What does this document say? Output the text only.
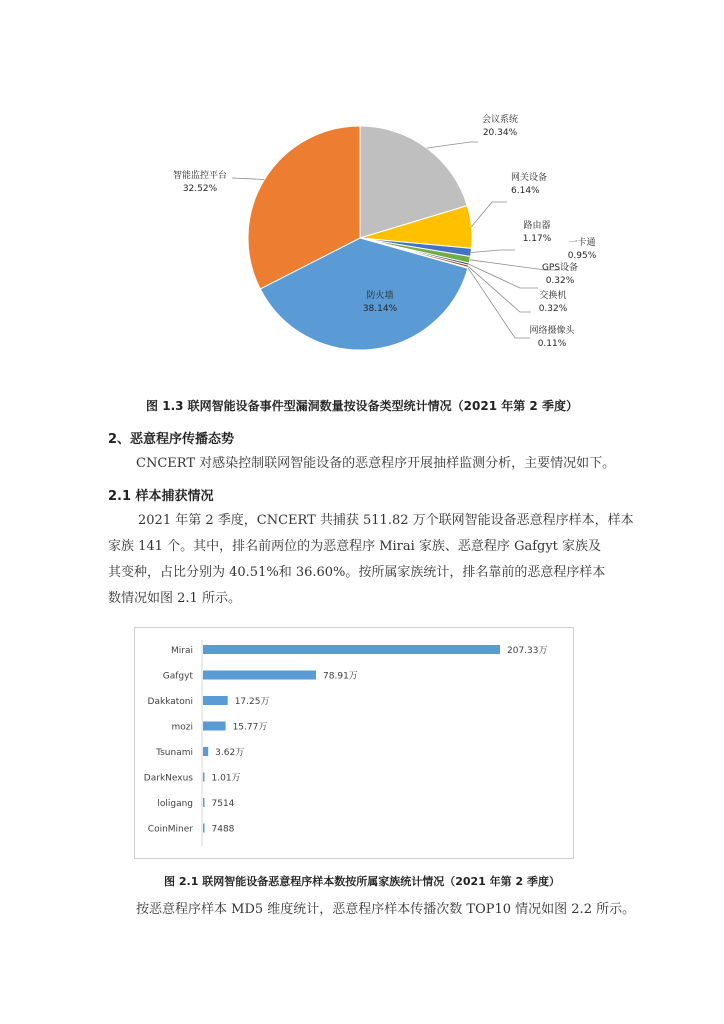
会议系统
20.34%
网关设备
6.14%
路由器
1.17% 一卡通
0.95%
GPS设备
0.32%
交换机
0.32%
网络摄像头
0.11%
防火墙
38.14%
智能监控平台
32.52%
图 1.3 联网智能设备事件型漏洞数量按设备类型统计情况（2021 年第 2 季度）
2、恶意程序传播态势
CNCERT 对感染控制联网智能设备的恶意程序开展抽样监测分析，主要情况如下。
2.1 样本捕获情况
2021 年第 2 季度，CNCERT 共捕获 511.82 万个联网智能设备恶意程序样本，样本
家族 141 个。其中，排名前两位的为恶意程序 Mirai 家族、恶意程序 Gafgyt 家族及
其变种，占比分别为 40.51%和 36.60%。按所属家族统计，排名靠前的恶意程序样本
数情况如图 2.1 所示。
Mirai	207.33万
Gafgyt	78.91万
Dakkatoni	17.25万
mozi	15.77万
Tsunami 3.62万
DarkNexus 1.01万
loligang 7514
CoinMiner 7488
图 2.1 联网智能设备恶意程序样本数按所属家族统计情况（2021 年第 2 季度）
按恶意程序样本 MD5 维度统计，恶意程序样本传播次数 TOP10 情况如图 2.2 所示。
